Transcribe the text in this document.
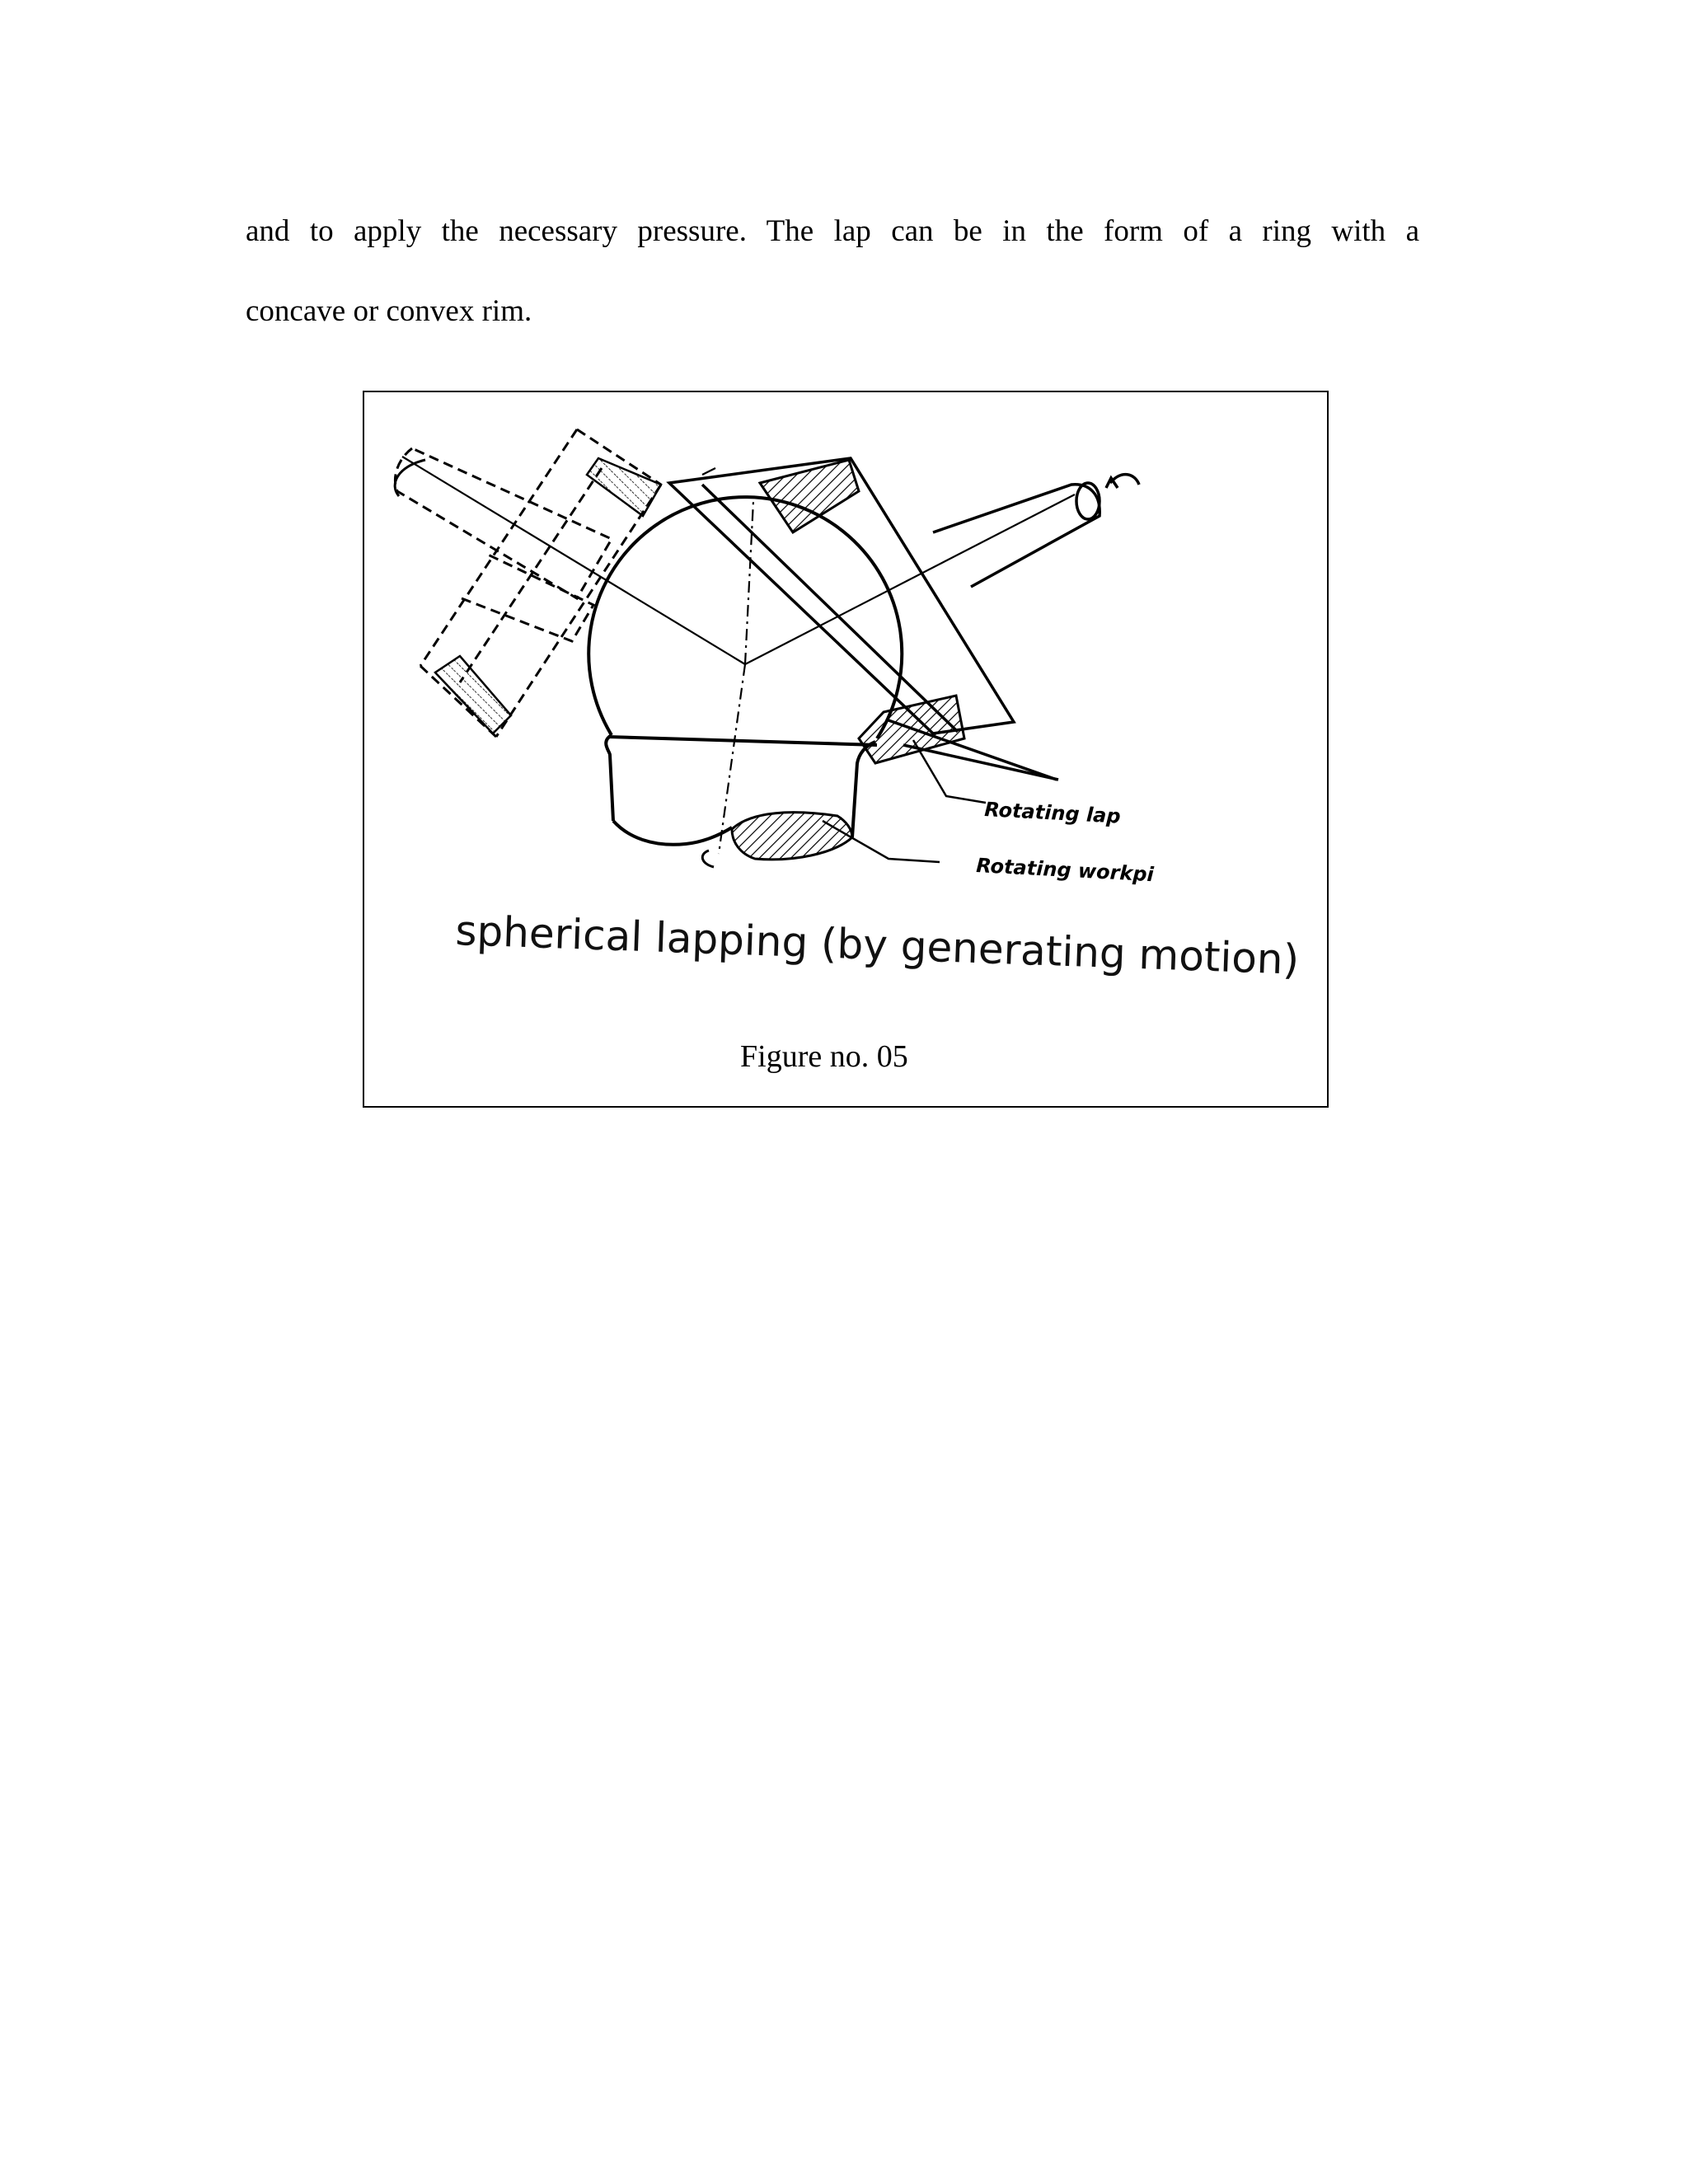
and to apply the necessary pressure. The lap can be in the form of a ring with a
concave or convex rim.

Rotating lap
Rotating workpi
spherical lapping (by generating motion)
Figure no. 05
